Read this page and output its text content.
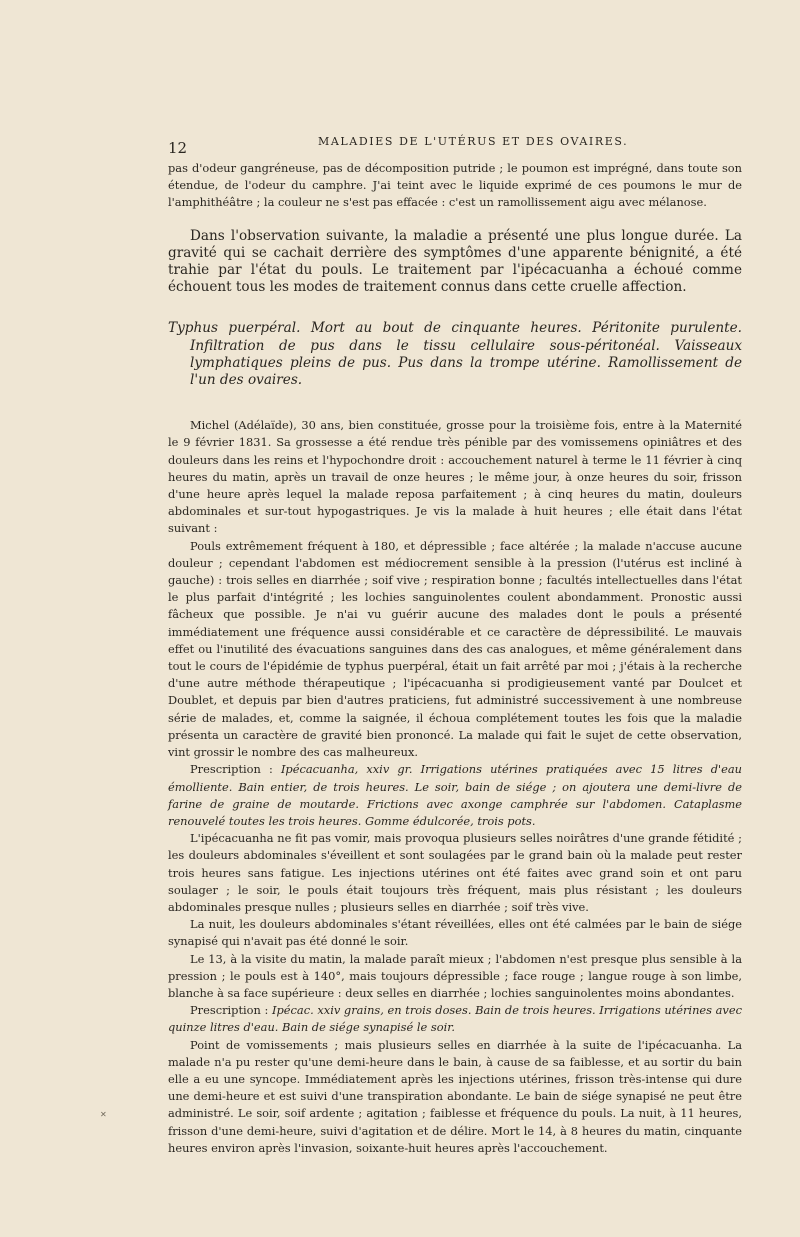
12	MALADIES DE L'UTÉRUS ET DES OVAIRES.

pas d'odeur gangréneuse, pas de décomposition putride ; le poumon est imprégné, dans toute son étendue, de l'odeur du camphre. J'ai teint avec le liquide exprimé de ces poumons le mur de l'amphithéâtre ; la couleur ne s'est pas effacée : c'est un ramollissement aigu avec mélanose.

Dans l'observation suivante, la maladie a présenté une plus longue durée. La gravité qui se cachait derrière des symptômes d'une apparente bénignité, a été trahie par l'état du pouls. Le traitement par l'ipécacuanha a échoué comme échouent tous les modes de traitement connus dans cette cruelle affection.

Typhus puerpéral. Mort au bout de cinquante heures. Péritonite purulente. Infiltration de pus dans le tissu cellulaire sous-péritonéal. Vaisseaux lymphatiques pleins de pus. Pus dans la trompe utérine. Ramollissement de l'un des ovaires.

Michel (Adélaïde), 30 ans, bien constituée, grosse pour la troisième fois, entre à la Maternité le 9 février 1831. Sa grossesse a été rendue très pénible par des vomissemens opiniâtres et des douleurs dans les reins et l'hypochondre droit : accouchement naturel à terme le 11 février à cinq heures du matin, après un travail de onze heures ; le même jour, à onze heures du soir, frisson d'une heure après lequel la malade reposa parfaitement ; à cinq heures du matin, douleurs abdominales et sur-tout hypogastriques. Je vis la malade à huit heures ; elle était dans l'état suivant :

Pouls extrêmement fréquent à 180, et dépressible ; face altérée ; la malade n'accuse aucune douleur ; cependant l'abdomen est médiocrement sensible à la pression (l'utérus est incliné à gauche) : trois selles en diarrhée ; soif vive ; respiration bonne ; facultés intellectuelles dans l'état le plus parfait d'intégrité ; les lochies sanguinolentes coulent abondamment. Pronostic aussi fâcheux que possible. Je n'ai vu guérir aucune des malades dont le pouls a présenté immédiatement une fréquence aussi considérable et ce caractère de dépressibilité. Le mauvais effet ou l'inutilité des évacuations sanguines dans des cas analogues, et même généralement dans tout le cours de l'épidémie de typhus puerpéral, était un fait arrêté par moi ; j'étais à la recherche d'une autre méthode thérapeutique ; l'ipécacuanha si prodigieusement vanté par Doulcet et Doublet, et depuis par bien d'autres praticiens, fut administré successivement à une nombreuse série de malades, et, comme la saignée, il échoua complétement toutes les fois que la maladie présenta un caractère de gravité bien prononcé. La malade qui fait le sujet de cette observation, vint grossir le nombre des cas malheureux.

Prescription : Ipécacuanha, xxiv gr. Irrigations utérines pratiquées avec 15 litres d'eau émolliente. Bain entier, de trois heures. Le soir, bain de siége ; on ajoutera une demi-livre de farine de graine de moutarde. Frictions avec axonge camphrée sur l'abdomen. Cataplasme renouvelé toutes les trois heures. Gomme édulcorée, trois pots.

L'ipécacuanha ne fit pas vomir, mais provoqua plusieurs selles noirâtres d'une grande fétidité ; les douleurs abdominales s'éveillent et sont soulagées par le grand bain où la malade peut rester trois heures sans fatigue. Les injections utérines ont été faites avec grand soin et ont paru soulager ; le soir, le pouls était toujours très fréquent, mais plus résistant ; les douleurs abdominales presque nulles ; plusieurs selles en diarrhée ; soif très vive.

La nuit, les douleurs abdominales s'étant réveillées, elles ont été calmées par le bain de siége synapisé qui n'avait pas été donné le soir.

Le 13, à la visite du matin, la malade paraît mieux ; l'abdomen n'est presque plus sensible à la pression ; le pouls est à 140°, mais toujours dépressible ; face rouge ; langue rouge à son limbe, blanche à sa face supérieure : deux selles en diarrhée ; lochies sanguinolentes moins abondantes.

Prescription : Ipécac. xxiv grains, en trois doses. Bain de trois heures. Irrigations utérines avec quinze litres d'eau. Bain de siége synapisé le soir.

Point de vomissements ; mais plusieurs selles en diarrhée à la suite de l'ipécacuanha. La malade n'a pu rester qu'une demi-heure dans le bain, à cause de sa faiblesse, et au sortir du bain elle a eu une syncope. Immédiatement après les injections utérines, frisson très-intense qui dure une demi-heure et est suivi d'une transpiration abondante. Le bain de siége synapisé ne peut être administré. Le soir, soif ardente ; agitation ; faiblesse et fréquence du pouls. La nuit, à 11 heures, frisson d'une demi-heure, suivi d'agitation et de délire. Mort le 14, à 8 heures du matin, cinquante heures environ après l'invasion, soixante-huit heures après l'accouchement.

✕
